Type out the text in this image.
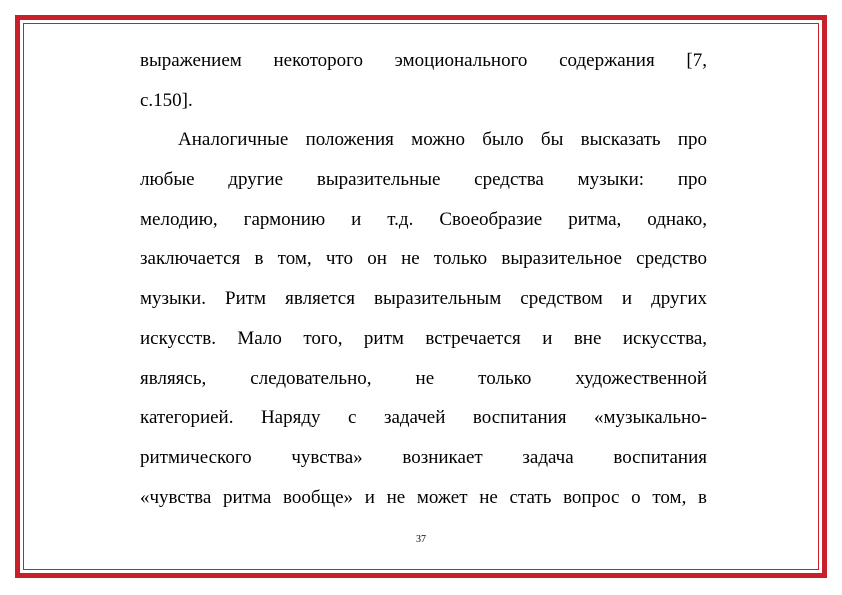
выражением некоторого эмоционального содержания [7,
с.150].
Аналогичные положения можно было бы высказать про
любые другие выразительные средства музыки: про
мелодию, гармонию и т.д. Своеобразие ритма, однако,
заключается в том, что он не только выразительное средство
музыки. Ритм является выразительным средством и других
искусств. Мало того, ритм встречается и вне искусства,
являясь, следовательно, не только художественной
категорией. Наряду с задачей воспитания «музыкально-
ритмического чувства» возникает задача воспитания
«чувства ритма вообще» и не может не стать вопрос о том, в
37
